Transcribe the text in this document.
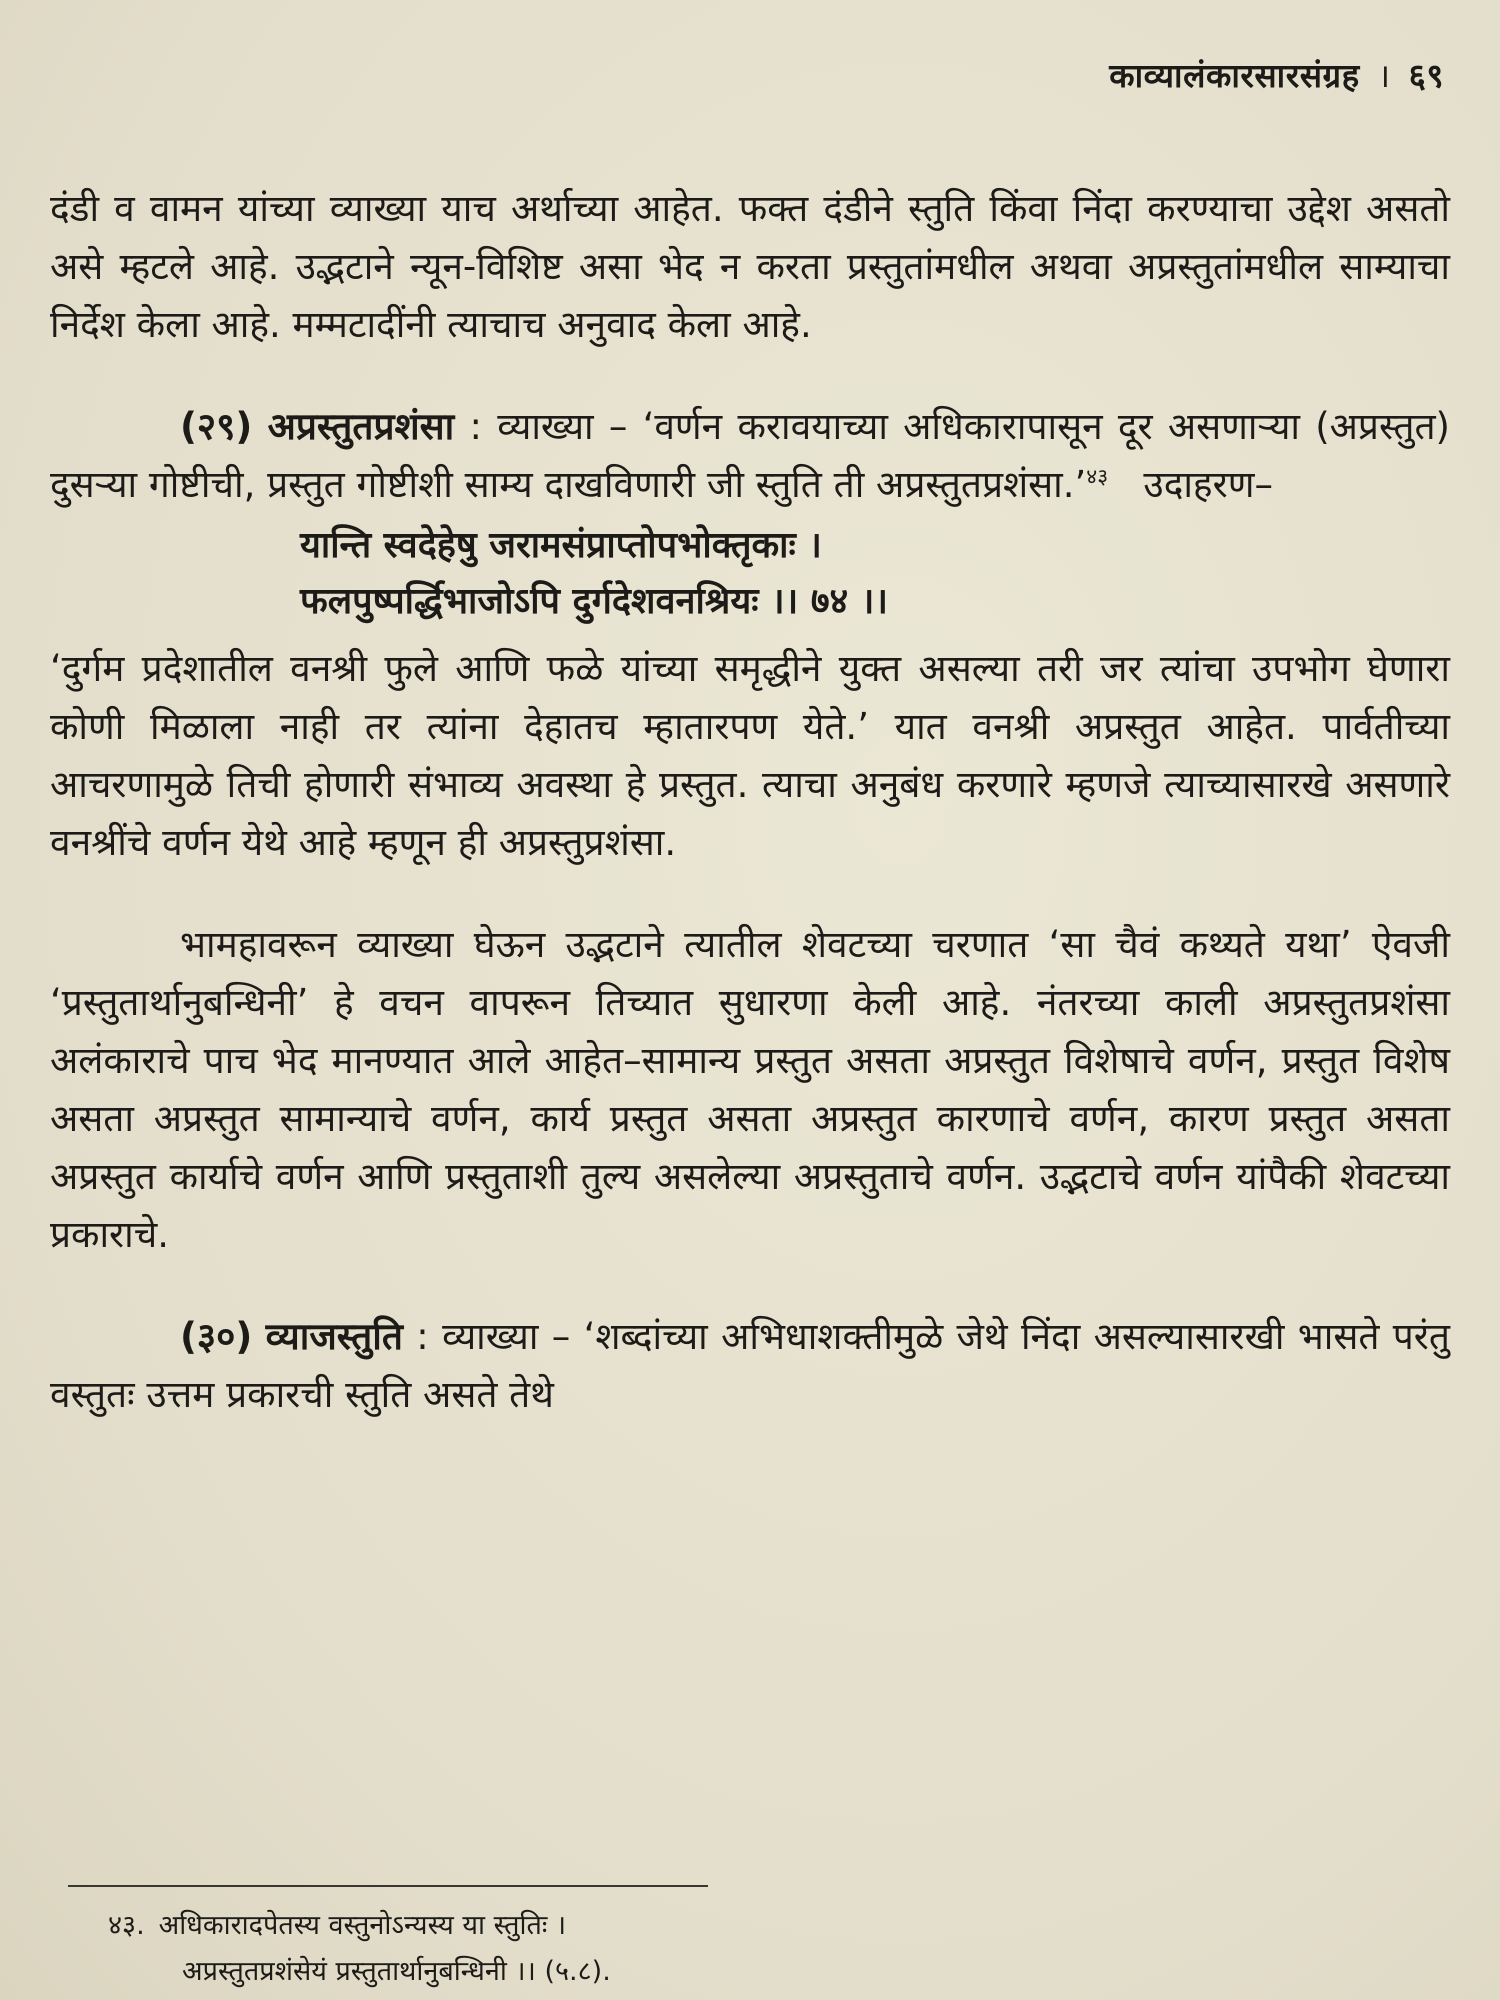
काव्यालंकारसारसंग्रह । ६९

दंडी व वामन यांच्या व्याख्या याच अर्थाच्या आहेत. फक्त दंडीने स्तुति किंवा निंदा करण्याचा उद्देश असतो असे म्हटले आहे. उद्भटाने न्यून-विशिष्ट असा भेद न करता प्रस्तुतांमधील अथवा अप्रस्तुतांमधील साम्याचा निर्देश केला आहे. मम्मटादींनी त्याचाच अनुवाद केला आहे.

(२९) अप्रस्तुतप्रशंसा : व्याख्या – ‘वर्णन करावयाच्या अधिकारापासून दूर असणाऱ्या (अप्रस्तुत) दुसऱ्या गोष्टीची, प्रस्तुत गोष्टीशी साम्य दाखविणारी जी स्तुति ती अप्रस्तुतप्रशंसा.’$^{४३}$ उदाहरण–

यान्ति स्वदेहेषु जरामसंप्राप्तोपभोक्तृकाः ।
फलपुष्पर्द्धिभाजोऽपि दुर्गदेशवनश्रियः ।। ७४ ।।

‘दुर्गम प्रदेशातील वनश्री फुले आणि फळे यांच्या समृद्धीने युक्त असल्या तरी जर त्यांचा उपभोग घेणारा कोणी मिळाला नाही तर त्यांना देहातच म्हातारपण येते.’ यात वनश्री अप्रस्तुत आहेत. पार्वतीच्या आचरणामुळे तिची होणारी संभाव्य अवस्था हे प्रस्तुत. त्याचा अनुबंध करणारे म्हणजे त्याच्यासारखे असणारे वनश्रींचे वर्णन येथे आहे म्हणून ही अप्रस्तुप्रशंसा.

भामहावरून व्याख्या घेऊन उद्भटाने त्यातील शेवटच्या चरणात ‘सा चैवं कथ्यते यथा’ ऐवजी ‘प्रस्तुतार्थानुबन्धिनी’ हे वचन वापरून तिच्यात सुधारणा केली आहे. नंतरच्या काली अप्रस्तुतप्रशंसा अलंकाराचे पाच भेद मानण्यात आले आहेत–सामान्य प्रस्तुत असता अप्रस्तुत विशेषाचे वर्णन, प्रस्तुत विशेष असता अप्रस्तुत सामान्याचे वर्णन, कार्य प्रस्तुत असता अप्रस्तुत कारणाचे वर्णन, कारण प्रस्तुत असता अप्रस्तुत कार्याचे वर्णन आणि प्रस्तुताशी तुल्य असलेल्या अप्रस्तुताचे वर्णन. उद्भटाचे वर्णन यांपैकी शेवटच्या प्रकाराचे.

(३०) व्याजस्तुति : व्याख्या – ‘शब्दांच्या अभिधाशक्तीमुळे जेथे निंदा असल्यासारखी भासते परंतु वस्तुतः उत्तम प्रकारची स्तुति असते तेथे

४३. अधिकारादपेतस्य वस्तुनोऽन्यस्य या स्तुतिः ।
अप्रस्तुतप्रशंसेयं प्रस्तुतार्थानुबन्धिनी ।। (५.८).
